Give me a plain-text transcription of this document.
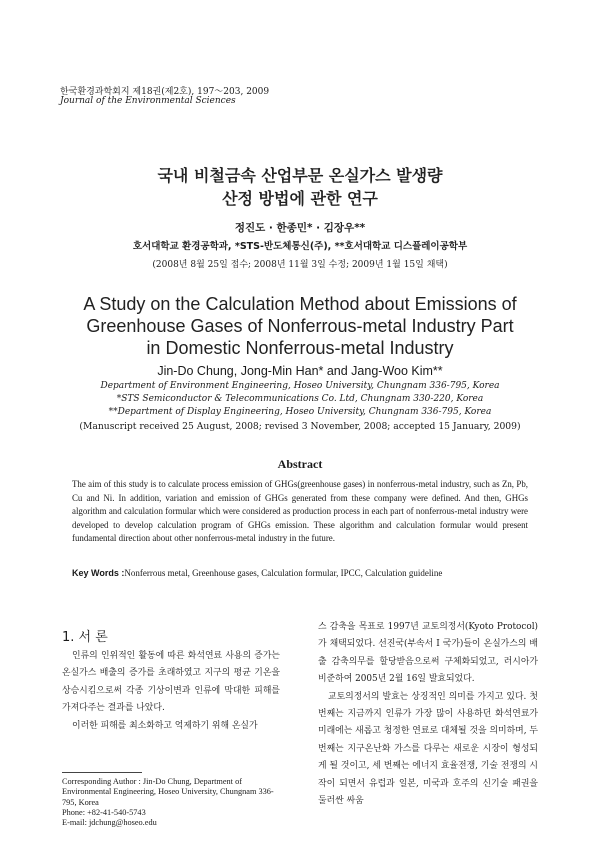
한국환경과학회지 제18권(제2호), 197～203, 2009
Journal of the Environmental Sciences
국내 비철금속 산업부문 온실가스 발생량
산정 방법에 관한 연구
정진도 · 한종민* · 김장우**
호서대학교 환경공학과, *STS-반도체통신(주), **호서대학교 디스플레이공학부
(2008년 8월 25일 접수; 2008년 11월 3일 수정; 2009년 1월 15일 채택)
A Study on the Calculation Method about Emissions of
Greenhouse Gases of Nonferrous-metal Industry Part
in Domestic Nonferrous-metal Industry
Jin-Do Chung, Jong-Min Han* and Jang-Woo Kim**
Department of Environment Engineering, Hoseo University, Chungnam 336-795, Korea
*STS Semiconductor & Telecommunications Co. Ltd, Chungnam 330-220, Korea
**Department of Display Engineering, Hoseo University, Chungnam 336-795, Korea
(Manuscript received 25 August, 2008; revised 3 November, 2008; accepted 15 January, 2009)
Abstract
The aim of this study is to calculate process emission of GHGs(greenhouse gases) in nonferrous-metal industry, such as Zn, Pb, Cu and Ni. In addition, variation and emission of GHGs generated from these company were defined. And then, GHGs algorithm and calculation formular which were considered as production process in each part of nonferrous-metal industry were developed to develop calculation program of GHGs emission. These algorithm and calculation formular would present fundamental direction about other nonferrous-metal industry in the future.
Key Words :Nonferrous metal, Greenhouse gases, Calculation formular, IPCC, Calculation guideline
1. 서 론

인류의 인위적인 활동에 따른 화석연료 사용의 증가는 온실가스 배출의 증가를 초래하였고 지구의 평균 기온을 상승시킴으로써 각종 기상이변과 인류에 막대한 피해를 가져다주는 결과를 나았다.

이러한 피해를 최소화하고 억제하기 위해 온실가

스 감축을 목표로 1997년 교토의정서(Kyoto Protocol)가 채택되었다. 선진국(부속서 I 국가)들이 온실가스의 배출 감축의무를 할당받음으로써 구체화되었고, 러시아가 비준하여 2005년 2월 16일 발효되었다.

교토의정서의 발효는 상징적인 의미를 가지고 있다. 첫 번째는 지금까지 인류가 가장 많이 사용하던 화석연료가 미래에는 새롭고 청정한 연료로 대체될 것을 의미하며, 두 번째는 지구온난화 가스를 다루는 새로운 시장이 형성되게 될 것이고, 세 번째는 에너지 효율전쟁, 기술 전쟁의 시작이 되면서 유럽과 일본, 미국과 호주의 신기술 패권을 둘러싼 싸움

Corresponding Author : Jin-Do Chung, Department of Environmental Engineering, Hoseo University, Chungnam 336-795, Korea
Phone: +82-41-540-5743
E-mail: jdchung@hoseo.edu
